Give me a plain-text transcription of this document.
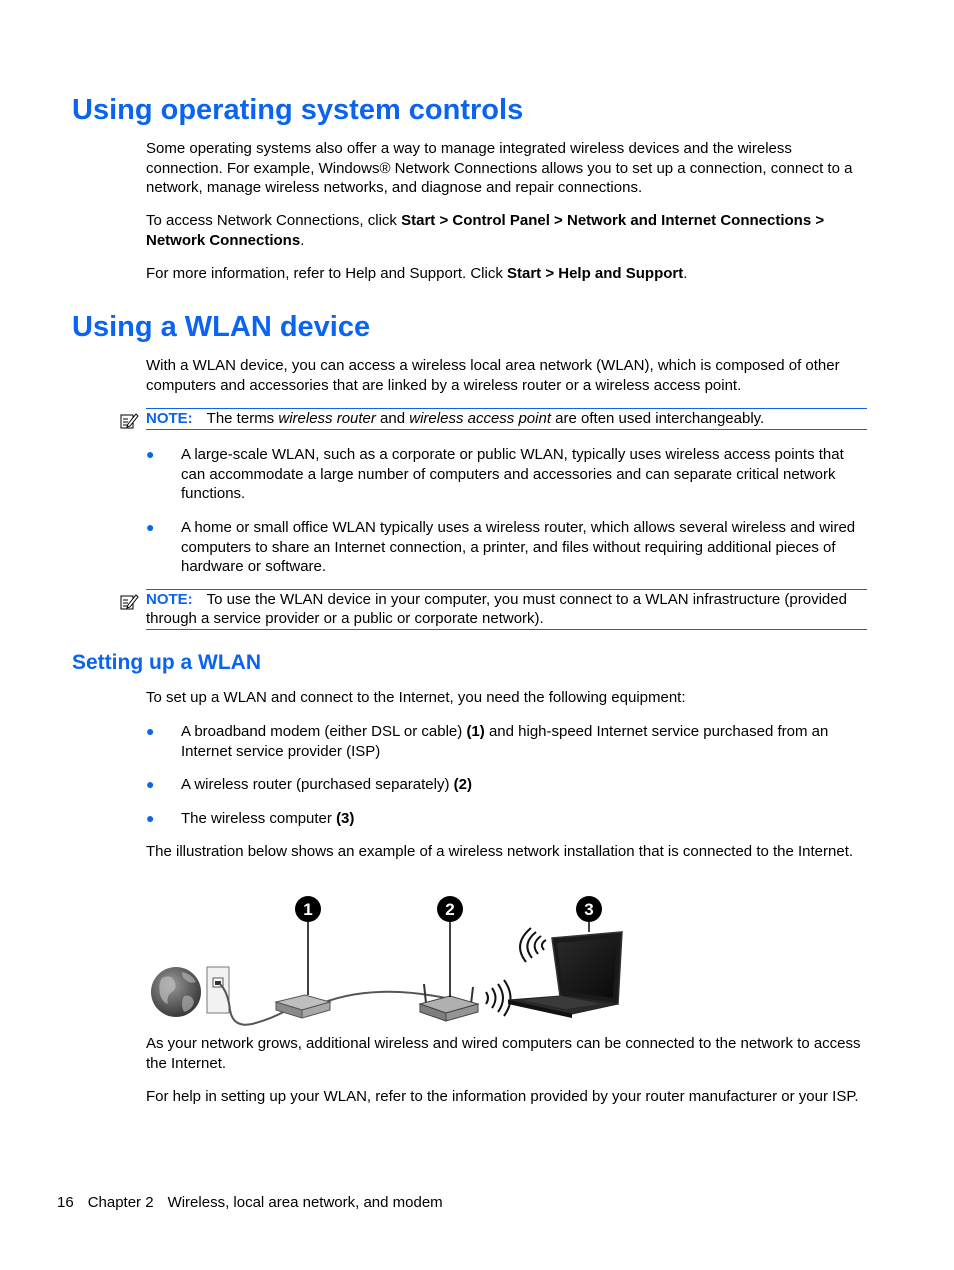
Using operating system controls

Some operating systems also offer a way to manage integrated wireless devices and the wireless connection. For example, Windows® Network Connections allows you to set up a connection, connect to a network, manage wireless networks, and diagnose and repair connections.

To access Network Connections, click Start > Control Panel > Network and Internet Connections > Network Connections.

For more information, refer to Help and Support. Click Start > Help and Support.

Using a WLAN device

With a WLAN device, you can access a wireless local area network (WLAN), which is composed of other computers and accessories that are linked by a wireless router or a wireless access point.

NOTE: The terms wireless router and wireless access point are often used interchangeably.
●	A large-scale WLAN, such as a corporate or public WLAN, typically uses wireless access points that can accommodate a large number of computers and accessories and can separate critical network functions.
●	A home or small office WLAN typically uses a wireless router, which allows several wireless and wired computers to share an Internet connection, a printer, and files without requiring additional pieces of hardware or software.
NOTE: To use the WLAN device in your computer, you must connect to a WLAN infrastructure (provided through a service provider or a public or corporate network).
Setting up a WLAN

To set up a WLAN and connect to the Internet, you need the following equipment:

●	A broadband modem (either DSL or cable) (1) and high-speed Internet service purchased from an Internet service provider (ISP)
●	A wireless router (purchased separately) (2)
●	The wireless computer (3)

The illustration below shows an example of a wireless network installation that is connected to the Internet.

1	2	3

As your network grows, additional wireless and wired computers can be connected to the network to access the Internet.

For help in setting up your WLAN, refer to the information provided by your router manufacturer or your ISP.

16 Chapter 2 Wireless, local area network, and modem
